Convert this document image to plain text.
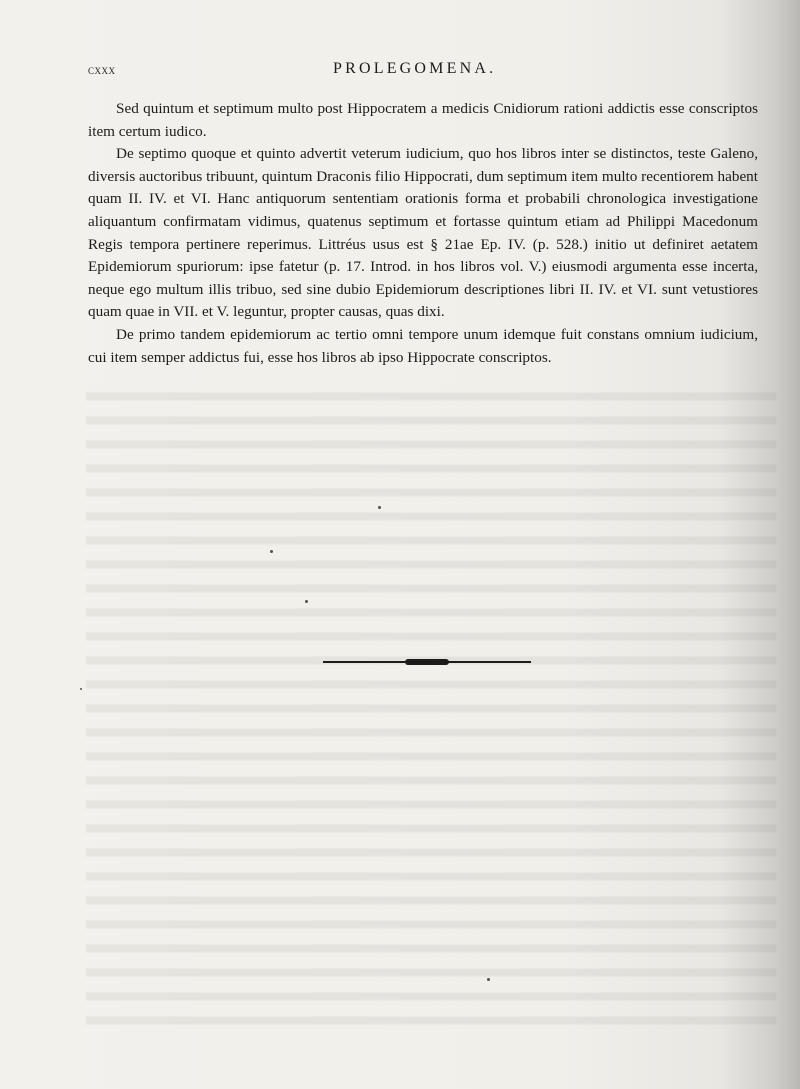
cxxx	PROLEGOMENA.

Sed quintum et septimum multo post Hippocratem a medicis Cnidiorum rationi addictis esse conscriptos item certum iudico.

De septimo quoque et quinto advertit veterum iudicium, quo hos libros inter se distinctos, teste Galeno, diversis auctoribus tribuunt, quintum Draconis filio Hippocrati, dum septimum item multo recentiorem habent quam II. IV. et VI. Hanc antiquorum sententiam orationis forma et probabili chronologica investigatione aliquantum confirmatam vidimus, quatenus septimum et fortasse quintum etiam ad Philippi Macedonum Regis tempora pertinere reperimus. Littréus usus est § 21ae Ep. IV. (p. 528.) initio ut definiret aetatem Epidemiorum spuriorum: ipse fatetur (p. 17. Introd. in hos libros vol. V.) eiusmodi argumenta esse incerta, neque ego multum illis tribuo, sed sine dubio Epidemiorum descriptiones libri II. IV. et VI. sunt vetustiores quam quae in VII. et V. leguntur, propter causas, quas dixi.

De primo tandem epidemiorum ac tertio omni tempore unum idemque fuit constans omnium iudicium, cui item semper addictus fui, esse hos libros ab ipso Hippocrate conscriptos.
